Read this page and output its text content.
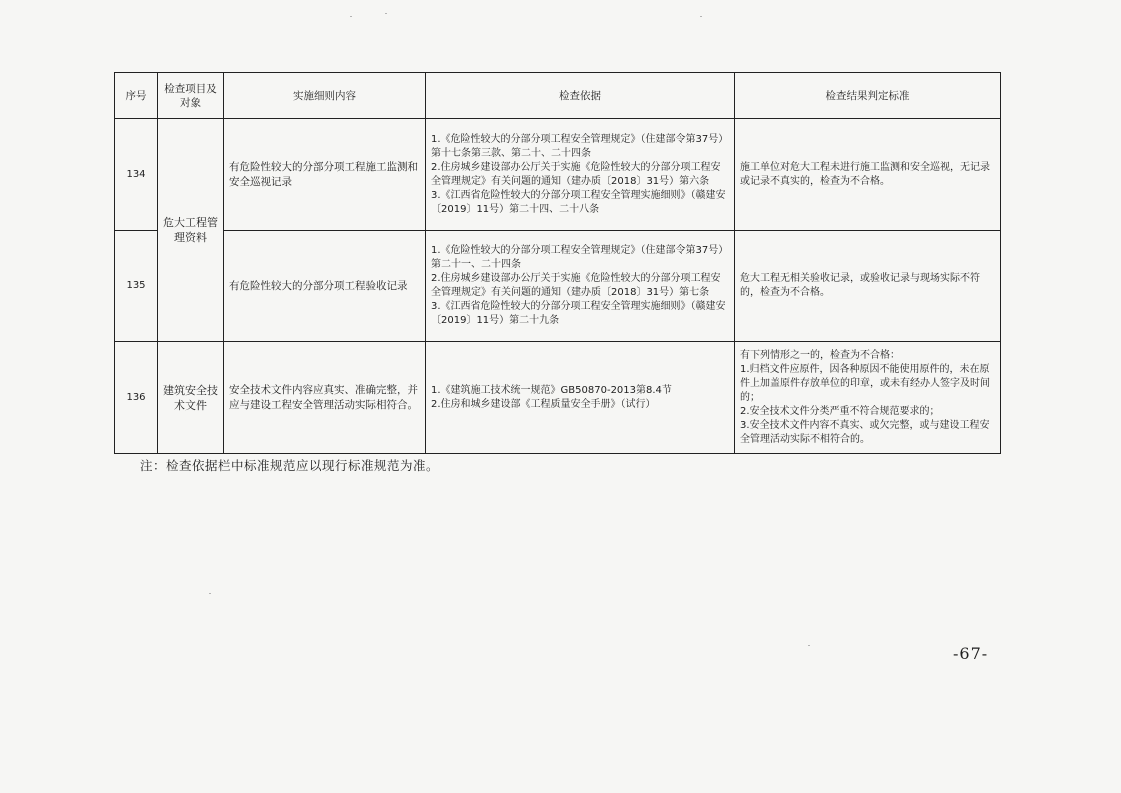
序号	检查项目及对象	实施细则内容	检查依据	检查结果判定标准
134	危大工程管理资料	有危险性较大的分部分项工程施工监测和安全巡视记录	1.《危险性较大的分部分项工程安全管理规定》（住建部令第37号）第十七条第三款、第二十、二十四条
2.住房城乡建设部办公厅关于实施《危险性较大的分部分项工程安全管理规定》有关问题的通知（建办质〔2018〕31号）第六条
3.《江西省危险性较大的分部分项工程安全管理实施细则》（赣建安〔2019〕11号）第二十四、二十八条	施工单位对危大工程未进行施工监测和安全巡视，无记录或记录不真实的，检查为不合格。
135		有危险性较大的分部分项工程验收记录	1.《危险性较大的分部分项工程安全管理规定》（住建部令第37号）第二十一、二十四条
2.住房城乡建设部办公厅关于实施《危险性较大的分部分项工程安全管理规定》有关问题的通知（建办质〔2018〕31号）第七条
3.《江西省危险性较大的分部分项工程安全管理实施细则》（赣建安〔2019〕11号）第二十九条	危大工程无相关验收记录，或验收记录与现场实际不符的，检查为不合格。
136	建筑安全技术文件	安全技术文件内容应真实、准确完整，并应与建设工程安全管理活动实际相符合。	1.《建筑施工技术统一规范》GB50870-2013第8.4节
2.住房和城乡建设部《工程质量安全手册》（试行）	有下列情形之一的，检查为不合格：
1.归档文件应原件，因各种原因不能使用原件的，未在原件上加盖原件存放单位的印章，或未有经办人签字及时间的；
2.安全技术文件分类严重不符合规范要求的；
3.安全技术文件内容不真实、或欠完整，或与建设工程安全管理活动实际不相符合的。
注：检查依据栏中标准规范应以现行标准规范为准。
-67-
